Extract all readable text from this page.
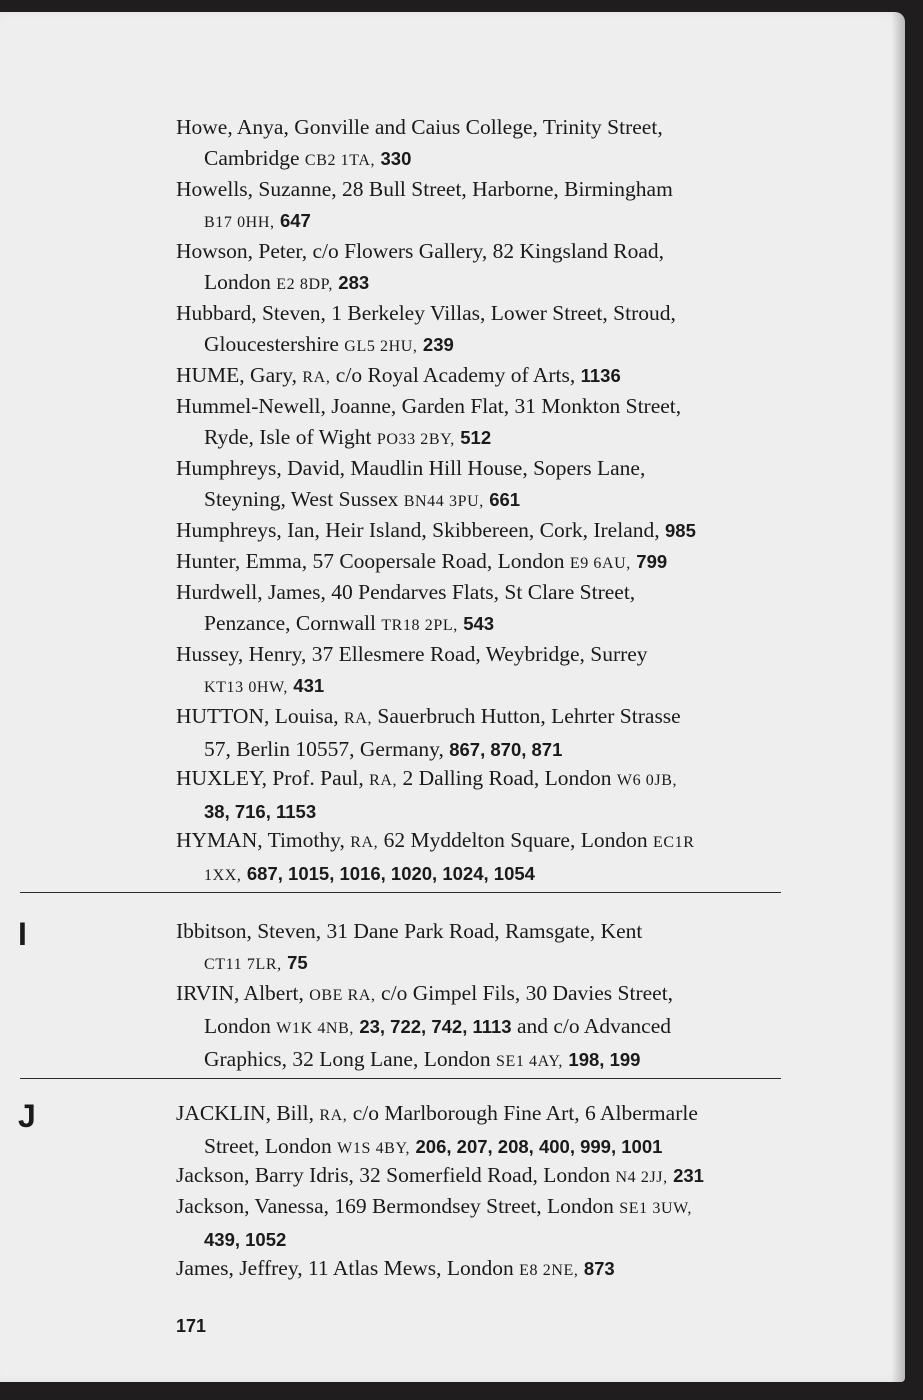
Howe, Anya, Gonville and Caius College, Trinity Street,
Cambridge CB2 1TA, 330
Howells, Suzanne, 28 Bull Street, Harborne, Birmingham
B17 0HH, 647
Howson, Peter, c/o Flowers Gallery, 82 Kingsland Road,
London E2 8DP, 283
Hubbard, Steven, 1 Berkeley Villas, Lower Street, Stroud,
Gloucestershire GL5 2HU, 239
HUME, Gary, RA, c/o Royal Academy of Arts, 1136
Hummel-Newell, Joanne, Garden Flat, 31 Monkton Street,
Ryde, Isle of Wight PO33 2BY, 512
Humphreys, David, Maudlin Hill House, Sopers Lane,
Steyning, West Sussex BN44 3PU, 661
Humphreys, Ian, Heir Island, Skibbereen, Cork, Ireland, 985
Hunter, Emma, 57 Coopersale Road, London E9 6AU, 799
Hurdwell, James, 40 Pendarves Flats, St Clare Street,
Penzance, Cornwall TR18 2PL, 543
Hussey, Henry, 37 Ellesmere Road, Weybridge, Surrey
KT13 0HW, 431
HUTTON, Louisa, RA, Sauerbruch Hutton, Lehrter Strasse
57, Berlin 10557, Germany, 867, 870, 871
HUXLEY, Prof. Paul, RA, 2 Dalling Road, London W6 0JB,
38, 716, 1153
HYMAN, Timothy, RA, 62 Myddelton Square, London EC1R
1XX, 687, 1015, 1016, 1020, 1024, 1054
I	Ibbitson, Steven, 31 Dane Park Road, Ramsgate, Kent
CT11 7LR, 75
IRVIN, Albert, OBE RA, c/o Gimpel Fils, 30 Davies Street,
London W1K 4NB, 23, 722, 742, 1113 and c/o Advanced
Graphics, 32 Long Lane, London SE1 4AY, 198, 199
J	JACKLIN, Bill, RA, c/o Marlborough Fine Art, 6 Albermarle
Street, London W1S 4BY, 206, 207, 208, 400, 999, 1001
Jackson, Barry Idris, 32 Somerfield Road, London N4 2JJ, 231
Jackson, Vanessa, 169 Bermondsey Street, London SE1 3UW,
439, 1052
James, Jeffrey, 11 Atlas Mews, London E8 2NE, 873
171
